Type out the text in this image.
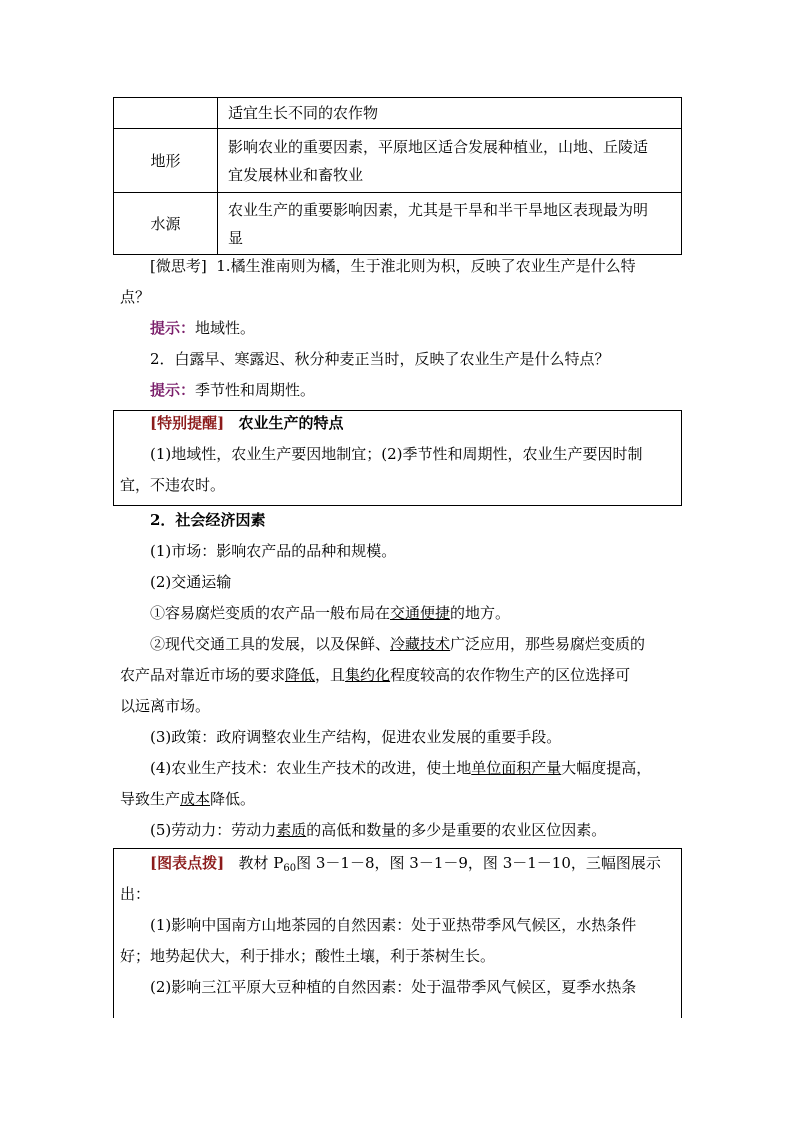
	适宜生长不同的农作物

地形	影响农业的重要因素，平原地区适合发展种植业，山地、丘陵适
宜发展林业和畜牧业

水源	农业生产的重要影响因素，尤其是干旱和半干旱地区表现最为明
显
[微思考] 1.橘生淮南则为橘，生于淮北则为枳，反映了农业生产是什么特
点？
提示：地域性。
2．白露早、寒露迟、秋分种麦正当时，反映了农业生产是什么特点？
提示：季节性和周期性。
[特别提醒] 农业生产的特点
(1)地域性，农业生产要因地制宜；(2)季节性和周期性，农业生产要因时制
宜，不违农时。
2．社会经济因素
(1)市场：影响农产品的品种和规模。
(2)交通运输
①容易腐烂变质的农产品一般布局在交通便捷的地方。
②现代交通工具的发展，以及保鲜、冷藏技术广泛应用，那些易腐烂变质的
农产品对靠近市场的要求降低，且集约化程度较高的农作物生产的区位选择可
以远离市场。
(3)政策：政府调整农业生产结构，促进农业发展的重要手段。
(4)农业生产技术：农业生产技术的改进，使土地单位面积产量大幅度提高，
导致生产成本降低。
(5)劳动力：劳动力素质的高低和数量的多少是重要的农业区位因素。
[图表点拨] 教材 $P_{60}$图 3－1－8，图 3－1－9，图 3－1－10，三幅图展示
出：
(1)影响中国南方山地茶园的自然因素：处于亚热带季风气候区，水热条件
好；地势起伏大，利于排水；酸性土壤，利于茶树生长。
(2)影响三江平原大豆种植的自然因素：处于温带季风气候区，夏季水热条
